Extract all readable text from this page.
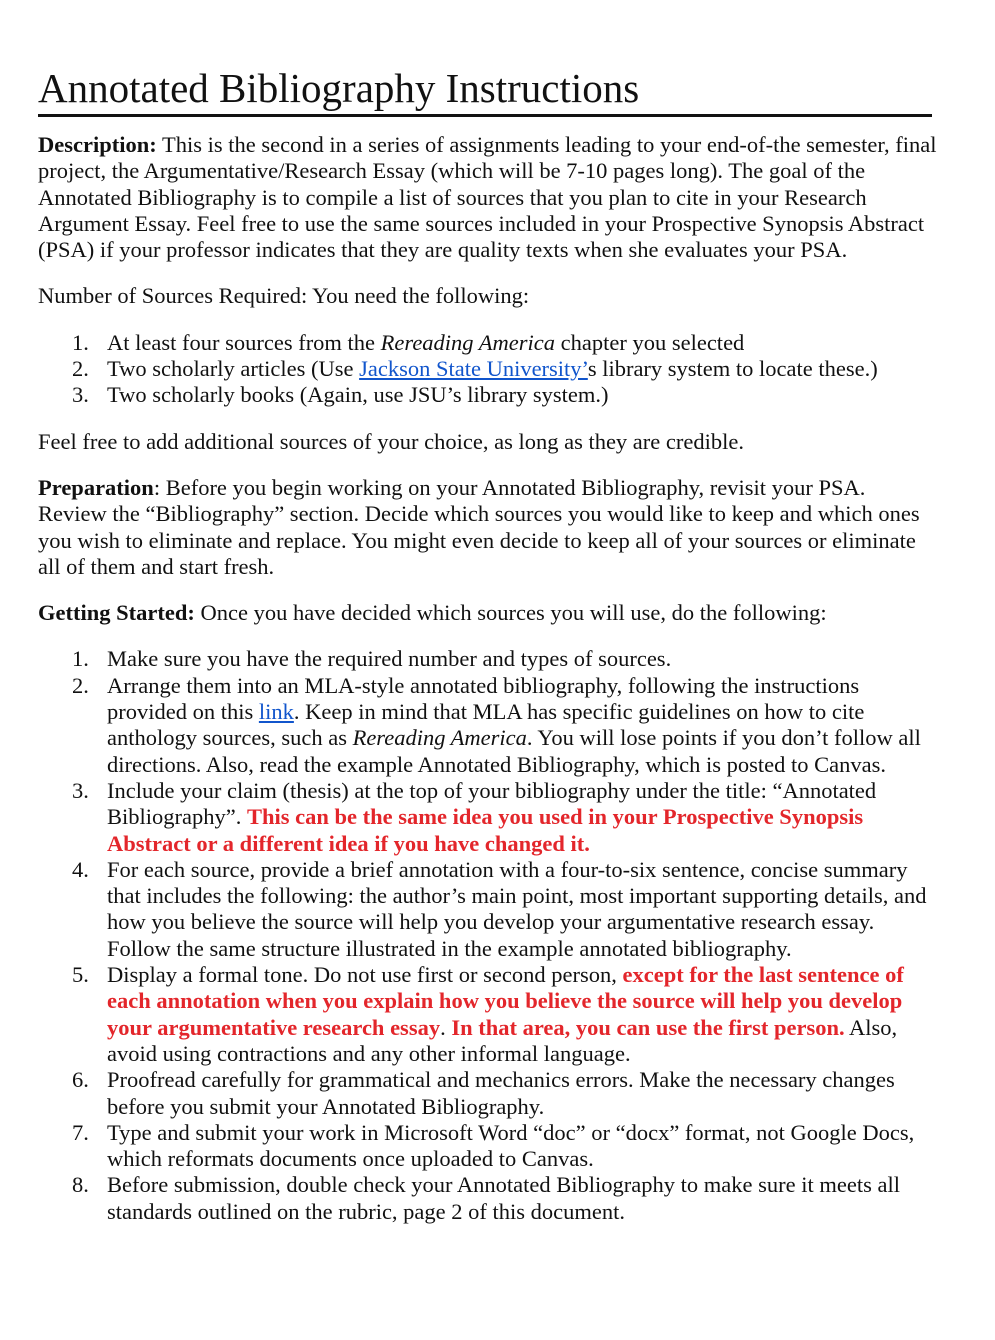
Annotated Bibliography Instructions

Description: This is the second in a series of assignments leading to your end-of-the semester, final project, the Argumentative/Research Essay (which will be 7-10 pages long). The goal of the Annotated Bibliography is to compile a list of sources that you plan to cite in your Research Argument Essay. Feel free to use the same sources included in your Prospective Synopsis Abstract (PSA) if your professor indicates that they are quality texts when she evaluates your PSA.

Number of Sources Required: You need the following:

1. At least four sources from the Rereading America chapter you selected
2. Two scholarly articles (Use Jackson State University’s library system to locate these.)
3. Two scholarly books (Again, use JSU’s library system.)

Feel free to add additional sources of your choice, as long as they are credible.

Preparation: Before you begin working on your Annotated Bibliography, revisit your PSA. Review the “Bibliography” section. Decide which sources you would like to keep and which ones you wish to eliminate and replace. You might even decide to keep all of your sources or eliminate all of them and start fresh.

Getting Started: Once you have decided which sources you will use, do the following:

1. Make sure you have the required number and types of sources.
2. Arrange them into an MLA-style annotated bibliography, following the instructions provided on this link. Keep in mind that MLA has specific guidelines on how to cite anthology sources, such as Rereading America. You will lose points if you don’t follow all directions. Also, read the example Annotated Bibliography, which is posted to Canvas.
3. Include your claim (thesis) at the top of your bibliography under the title: “Annotated Bibliography”. This can be the same idea you used in your Prospective Synopsis Abstract or a different idea if you have changed it.
4. For each source, provide a brief annotation with a four-to-six sentence, concise summary that includes the following: the author’s main point, most important supporting details, and how you believe the source will help you develop your argumentative research essay. Follow the same structure illustrated in the example annotated bibliography.
5. Display a formal tone. Do not use first or second person, except for the last sentence of each annotation when you explain how you believe the source will help you develop your argumentative research essay. In that area, you can use the first person. Also, avoid using contractions and any other informal language.
6. Proofread carefully for grammatical and mechanics errors. Make the necessary changes before you submit your Annotated Bibliography.
7. Type and submit your work in Microsoft Word “doc” or “docx” format, not Google Docs, which reformats documents once uploaded to Canvas.
8. Before submission, double check your Annotated Bibliography to make sure it meets all standards outlined on the rubric, page 2 of this document.
